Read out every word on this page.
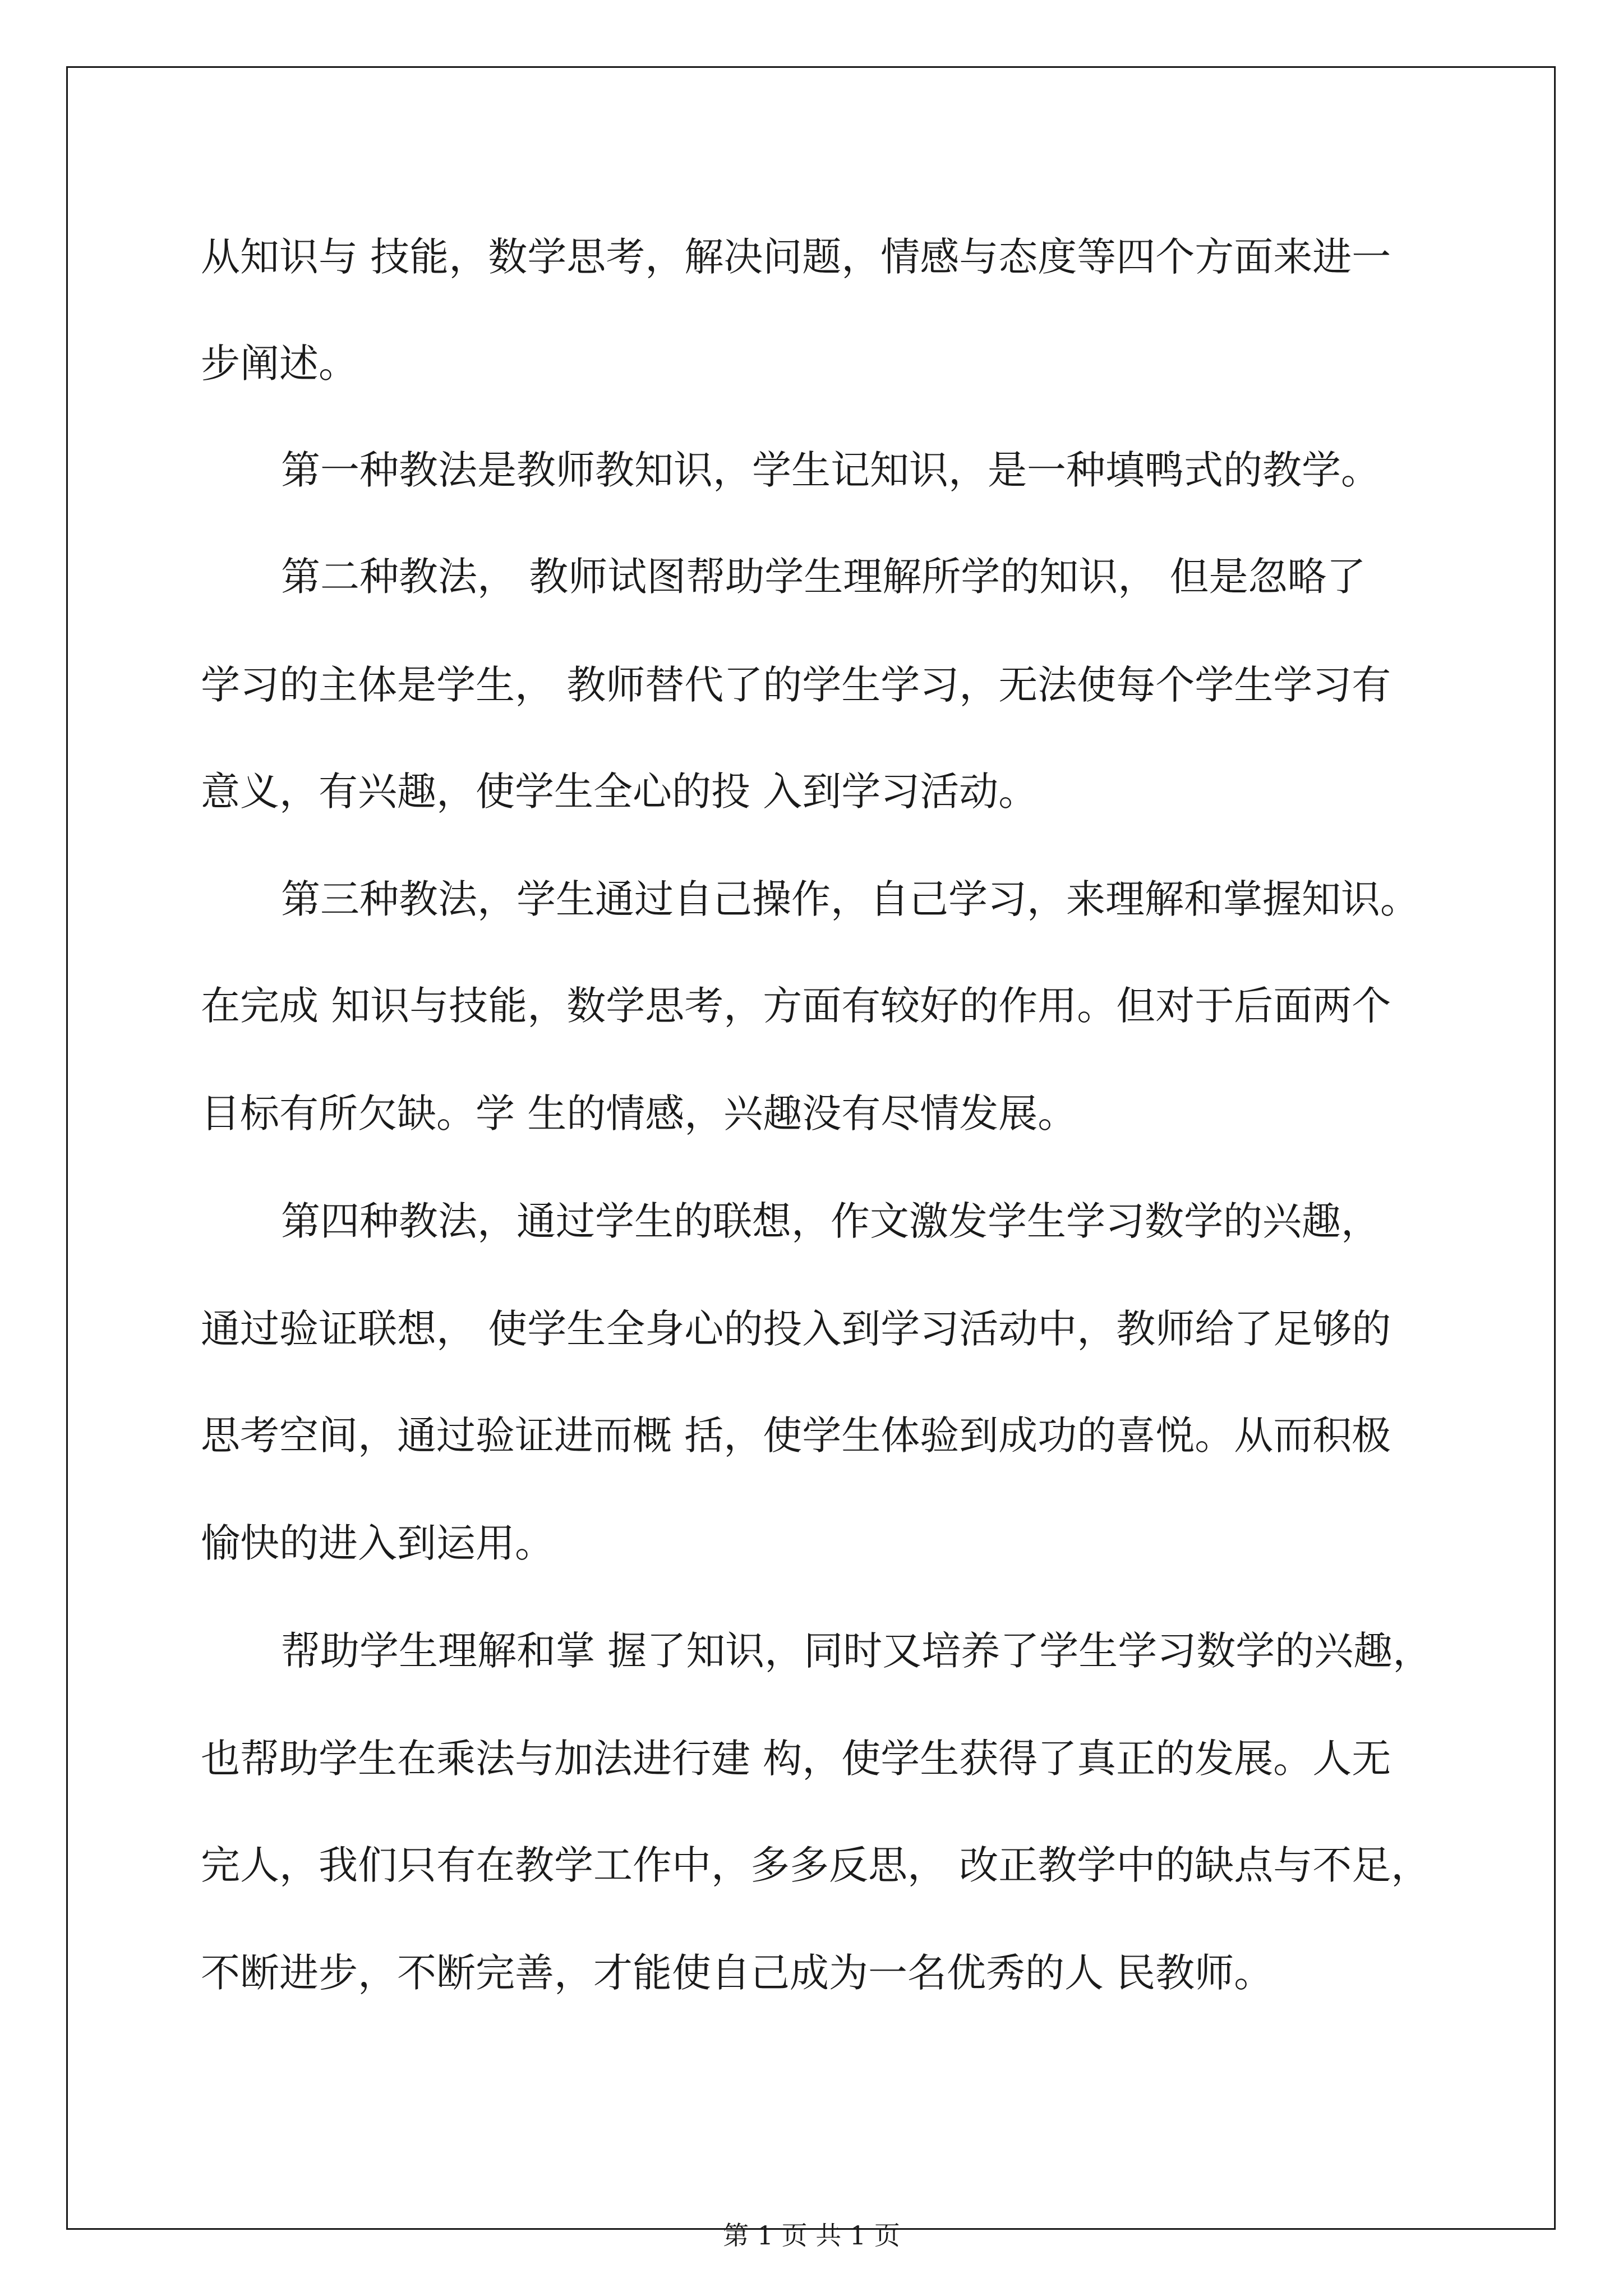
从知识与 技能，数学思考，解决问题，情感与态度等四个方面来进一
步阐述。
第一种教法是教师教知识，学生记知识，是一种填鸭式的教学。
第二种教法， 教师试图帮助学生理解所学的知识， 但是忽略了
学习的主体是学生， 教师替代了的学生学习，无法使每个学生学习有
意义，有兴趣，使学生全心的投 入到学习活动。
第三种教法，学生通过自己操作，自己学习，来理解和掌握知识。
在完成 知识与技能，数学思考，方面有较好的作用。但对于后面两个
目标有所欠缺。学 生的情感，兴趣没有尽情发展。
第四种教法，通过学生的联想，作文激发学生学习数学的兴趣，
通过验证联想， 使学生全身心的投入到学习活动中，教师给了足够的
思考空间，通过验证进而概 括，使学生体验到成功的喜悦。从而积极
愉快的进入到运用。
帮助学生理解和掌 握了知识，同时又培养了学生学习数学的兴趣，
也帮助学生在乘法与加法进行建 构，使学生获得了真正的发展。人无
完人，我们只有在教学工作中，多多反思， 改正教学中的缺点与不足，
不断进步，不断完善，才能使自己成为一名优秀的人 民教师。
第 1 页 共 1 页
